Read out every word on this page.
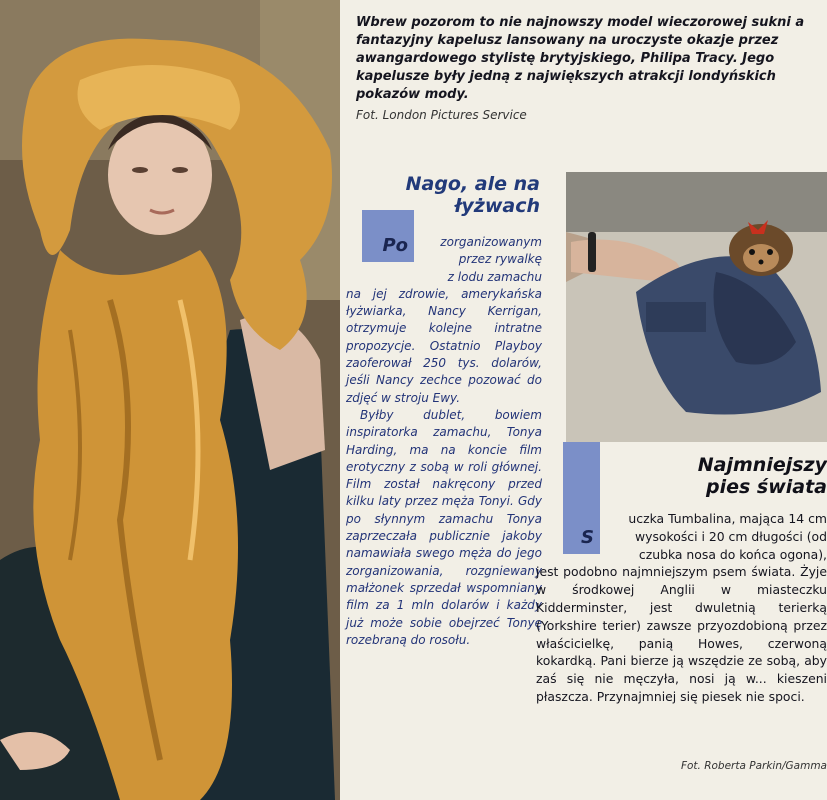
Wbrew pozorom to nie najnowszy model wieczorowej sukni a fantazyjny kapelusz lansowany na uroczyste okazje przez awangardowego stylistę brytyjskiego, Philipa Tracy. Jego kapelusze były jedną z największych atrakcji londyńskich pokazów mody.
Fot. London Pictures Service
Nago, ale na
łyżwach
Po	zorganizowanym
przez rywalkę
z lodu zamachu

na jej zdrowie, amerykańska łyżwiarka, Nancy Kerrigan, otrzymuje kolejne intratne propozycje. Ostatnio Playboy zaoferował 250 tys. dolarów, jeśli Nancy zechce pozować do zdjęć w stroju Ewy.

Byłby dublet, bowiem inspiratorka zamachu, Tonya Harding, ma na koncie film erotyczny z sobą w roli głównej. Film został nakręcony przed kilku laty przez męża Tonyi. Gdy po słynnym zamachu Tonya zaprzeczała publicznie jakoby namawiała swego męża do jego zorganizowania, rozgniewany małżonek sprzedał wspomniany film za 1 mln dolarów i każdy już może sobie obejrzeć Tonyę rozebraną do rosołu.

S
Najmniejszy
pies świata
uczka Tumbalina, mająca 14 cm
wysokości i 20 cm długości (od
czubka nosa do końca ogona),
jest podobno najmniejszym psem świata. Żyje w środkowej Anglii w miasteczku Kidderminster, jest dwuletnią terierką (Yorkshire terier) zawsze przyozdobioną przez właścicielkę, panią Howes, czerwoną kokardką. Pani bierze ją wszędzie ze sobą, aby zaś się nie męczyła, nosi ją w... kieszeni płaszcza. Przynajmniej się piesek nie spoci.
Fot. Roberta Parkin/Gamma
